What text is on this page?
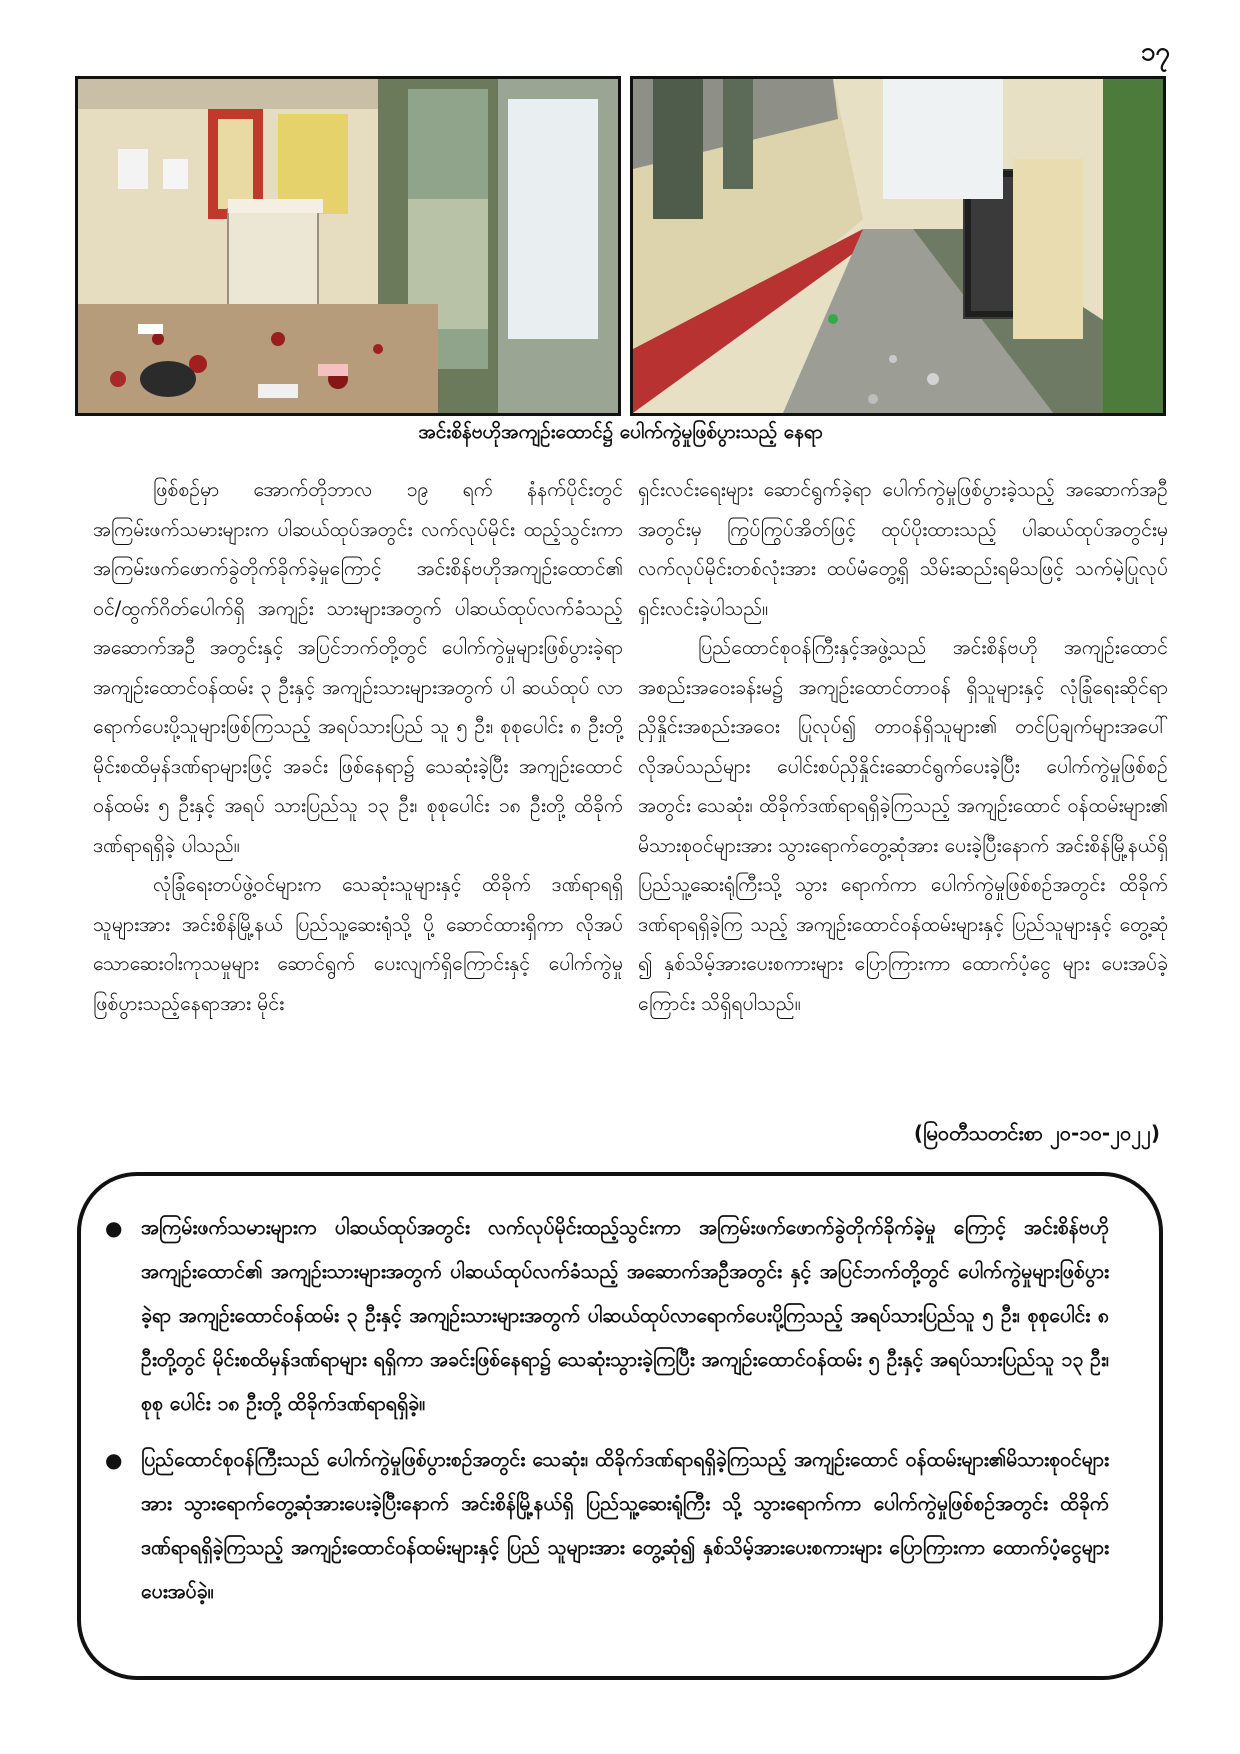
၁၇
အင်းစိန်ဗဟိုအကျဉ်းထောင်၌ ပေါက်ကွဲမှုဖြစ်ပွားသည့် နေရာ

ဖြစ်စဉ်မှာ အောက်တိုဘာလ ၁၉ ရက် နံနက်ပိုင်းတွင် အကြမ်းဖက်သမားများက ပါဆယ်ထုပ်အတွင်း လက်လုပ်မိုင်း ထည့်သွင်းကာ အကြမ်းဖက်ဖောက်ခွဲတိုက်ခိုက်ခဲ့မှုကြောင့် အင်းစိန်ဗဟိုအကျဉ်းထောင်၏ ဝင်/ထွက်ဂိတ်ပေါက်ရှိ အကျဉ်း သားများအတွက် ပါဆယ်ထုပ်လက်ခံသည့် အဆောက်အဦ အတွင်းနှင့် အပြင်ဘက်တို့တွင် ပေါက်ကွဲမှုများဖြစ်ပွားခဲ့ရာ အကျဉ်းထောင်ဝန်ထမ်း ၃ ဦးနှင့် အကျဉ်းသားများအတွက် ပါ ဆယ်ထုပ် လာရောက်ပေးပို့သူများဖြစ်ကြသည့် အရပ်သားပြည် သူ ၅ ဦး၊ စုစုပေါင်း ၈ ဦးတို့ မိုင်းစထိမှန်ဒဏ်ရာများဖြင့် အခင်း ဖြစ်နေရာ၌ သေဆုံးခဲ့ပြီး အကျဉ်းထောင်ဝန်ထမ်း ၅ ဦးနှင့် အရပ် သားပြည်သူ ၁၃ ဦး၊ စုစုပေါင်း ၁၈ ဦးတို့ ထိခိုက်ဒဏ်ရာရရှိခဲ့ ပါသည်။

လုံခြုံရေးတပ်ဖွဲ့ဝင်များက သေဆုံးသူများနှင့် ထိခိုက် ဒဏ်ရာရရှိသူများအား အင်းစိန်မြို့နယ် ပြည်သူ့ဆေးရုံသို့ ပို့ ဆောင်ထားရှိကာ လိုအပ်သောဆေးဝါးကုသမှုများ ဆောင်ရွက် ပေးလျက်ရှိကြောင်းနှင့် ပေါက်ကွဲမှုဖြစ်ပွားသည့်နေရာအား မိုင်း

ရှင်းလင်းရေးများ ဆောင်ရွက်ခဲ့ရာ ပေါက်ကွဲမှုဖြစ်ပွားခဲ့သည့် အဆောက်အဦအတွင်းမှ ကြွပ်ကြွပ်အိတ်ဖြင့် ထုပ်ပိုးထားသည့် ပါဆယ်ထုပ်အတွင်းမှ လက်လုပ်မိုင်းတစ်လုံးအား ထပ်မံတွေ့ရှိ သိမ်းဆည်းရမိသဖြင့် သက်မဲ့ပြုလုပ်ရှင်းလင်းခဲ့ပါသည်။

ပြည်ထောင်စုဝန်ကြီးနှင့်အဖွဲ့သည် အင်းစိန်ဗဟို အကျဉ်းထောင် အစည်းအဝေးခန်းမ၌ အကျဉ်းထောင်တာဝန် ရှိသူများနှင့် လုံခြုံရေးဆိုင်ရာညှိနှိုင်းအစည်းအဝေး ပြုလုပ်၍ တာဝန်ရှိသူများ၏ တင်ပြချက်များအပေါ် လိုအပ်သည်များ ပေါင်းစပ်ညှိနှိုင်းဆောင်ရွက်ပေးခဲ့ပြီး ပေါက်ကွဲမှုဖြစ်စဉ် အတွင်း သေဆုံး၊ ထိခိုက်ဒဏ်ရာရရှိခဲ့ကြသည့် အကျဉ်းထောင် ဝန်ထမ်းများ၏ မိသားစုဝင်များအား သွားရောက်တွေ့ဆုံအား ပေးခဲ့ပြီးနောက် အင်းစိန်မြို့နယ်ရှိ ပြည်သူ့ဆေးရုံကြီးသို့ သွား ရောက်ကာ ပေါက်ကွဲမှုဖြစ်စဉ်အတွင်း ထိခိုက်ဒဏ်ရာရရှိခဲ့ကြ သည့် အကျဉ်းထောင်ဝန်ထမ်းများနှင့် ပြည်သူများနှင့် တွေ့ဆုံ ၍ နှစ်သိမ့်အားပေးစကားများ ပြောကြားကာ ထောက်ပံ့ငွေ များ ပေးအပ်ခဲ့ကြောင်း သိရှိရပါသည်။

(မြဝတီသတင်းစာ ၂၀-၁၀-၂၀၂၂)
● အကြမ်းဖက်သမားများက ပါဆယ်ထုပ်အတွင်း လက်လုပ်မိုင်းထည့်သွင်းကာ အကြမ်းဖက်ဖောက်ခွဲတိုက်ခိုက်ခဲ့မှု ကြောင့် အင်းစိန်ဗဟိုအကျဉ်းထောင်၏ အကျဉ်းသားများအတွက် ပါဆယ်ထုပ်လက်ခံသည့် အဆောက်အဦအတွင်း နှင့် အပြင်ဘက်တို့တွင် ပေါက်ကွဲမှုများဖြစ်ပွားခဲ့ရာ အကျဉ်းထောင်ဝန်ထမ်း ၃ ဦးနှင့် အကျဉ်းသားများအတွက် ပါဆယ်ထုပ်လာရောက်ပေးပို့ကြသည့် အရပ်သားပြည်သူ ၅ ဦး၊ စုစုပေါင်း ၈ ဦးတို့တွင် မိုင်းစထိမှန်ဒဏ်ရာများ ရရှိကာ အခင်းဖြစ်နေရာ၌ သေဆုံးသွားခဲ့ကြပြီး အကျဉ်းထောင်ဝန်ထမ်း ၅ ဦးနှင့် အရပ်သားပြည်သူ ၁၃ ဦး၊ စုစု ပေါင်း ၁၈ ဦးတို့ ထိခိုက်ဒဏ်ရာရရှိခဲ့။
● ပြည်ထောင်စုဝန်ကြီးသည် ပေါက်ကွဲမှုဖြစ်ပွားစဉ်အတွင်း သေဆုံး၊ ထိခိုက်ဒဏ်ရာရရှိခဲ့ကြသည့် အကျဉ်းထောင် ဝန်ထမ်းများ၏မိသားစုဝင်များအား သွားရောက်တွေ့ဆုံအားပေးခဲ့ပြီးနောက် အင်းစိန်မြို့နယ်ရှိ ပြည်သူ့ဆေးရုံကြီး သို့ သွားရောက်ကာ ပေါက်ကွဲမှုဖြစ်စဉ်အတွင်း ထိခိုက်ဒဏ်ရာရရှိခဲ့ကြသည့် အကျဉ်းထောင်ဝန်ထမ်းများနှင့် ပြည် သူများအား တွေ့ဆုံ၍ နှစ်သိမ့်အားပေးစကားများ ပြောကြားကာ ထောက်ပံ့ငွေများ ပေးအပ်ခဲ့။
